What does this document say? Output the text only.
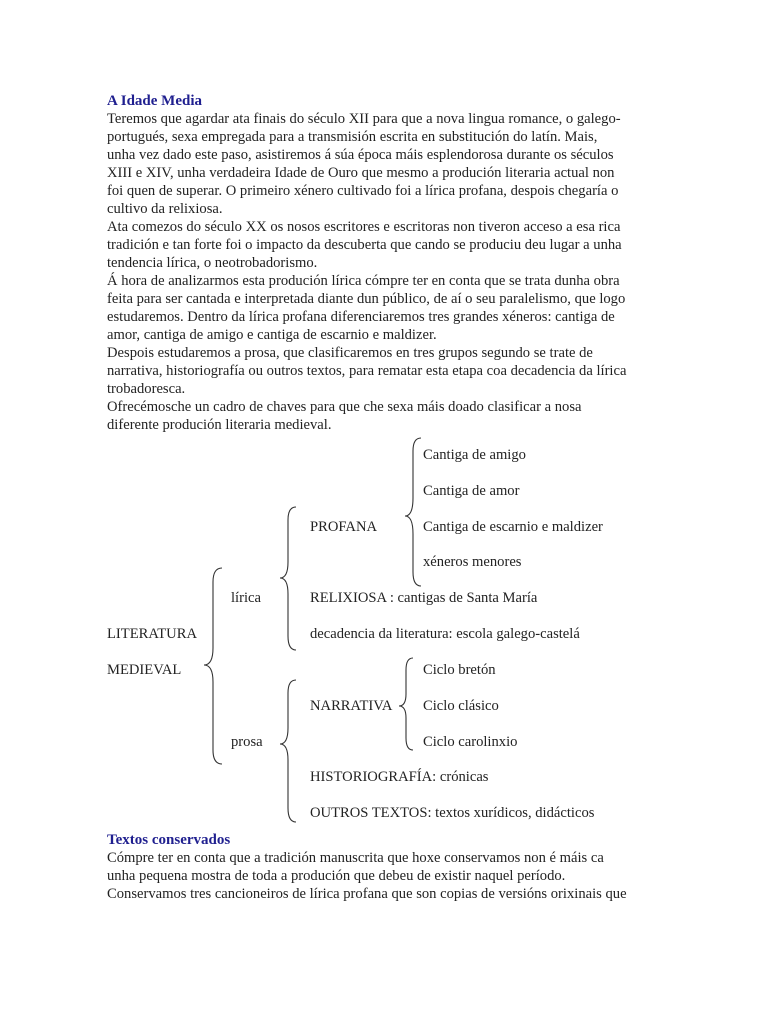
A Idade Media

Teremos que agardar ata finais do século XII para que a nova lingua romance, o galego-
portugués, sexa empregada para a transmisión escrita en substitución do latín. Mais,
unha vez dado este paso, asistiremos á súa época máis esplendorosa durante os séculos
XIII e XIV, unha verdadeira Idade de Ouro que mesmo a produción literaria actual non
foi quen de superar. O primeiro xénero cultivado foi a lírica profana, despois chegaría o
cultivo da relixiosa.

Ata comezos do século XX os nosos escritores e escritoras non tiveron acceso a esa rica
tradición e tan forte foi o impacto da descuberta que cando se produciu deu lugar a unha
tendencia lírica, o neotrobadorismo.

Á hora de analizarmos esta produción lírica cómpre ter en conta que se trata dunha obra
feita para ser cantada e interpretada diante dun público, de aí o seu paralelismo, que logo
estudaremos. Dentro da lírica profana diferenciaremos tres grandes xéneros: cantiga de
amor, cantiga de amigo e cantiga de escarnio e maldizer.

Despois estudaremos a prosa, que clasificaremos en tres grupos segundo se trate de
narrativa, historiografía ou outros textos, para rematar esta etapa coa decadencia da lírica
trobadoresca.

Ofrecémosche un cadro de chaves para que che sexa máis doado clasificar a nosa
diferente produción literaria medieval.

LITERATURA
MEDIEVAL
lírica
prosa
PROFANA
RELIXIOSA : cantigas de Santa María
decadencia da literatura: escola galego-castelá
Cantiga de amigo
Cantiga de amor
Cantiga de escarnio e maldizer
xéneros menores
NARRATIVA
Ciclo bretón
Ciclo clásico
Ciclo carolinxio
HISTORIOGRAFÍA: crónicas
OUTROS TEXTOS: textos xurídicos, didácticos
Textos conservados

Cómpre ter en conta que a tradición manuscrita que hoxe conservamos non é máis ca
unha pequena mostra de toda a produción que debeu de existir naquel período.
Conservamos tres cancioneiros de lírica profana que son copias de versións orixinais que
